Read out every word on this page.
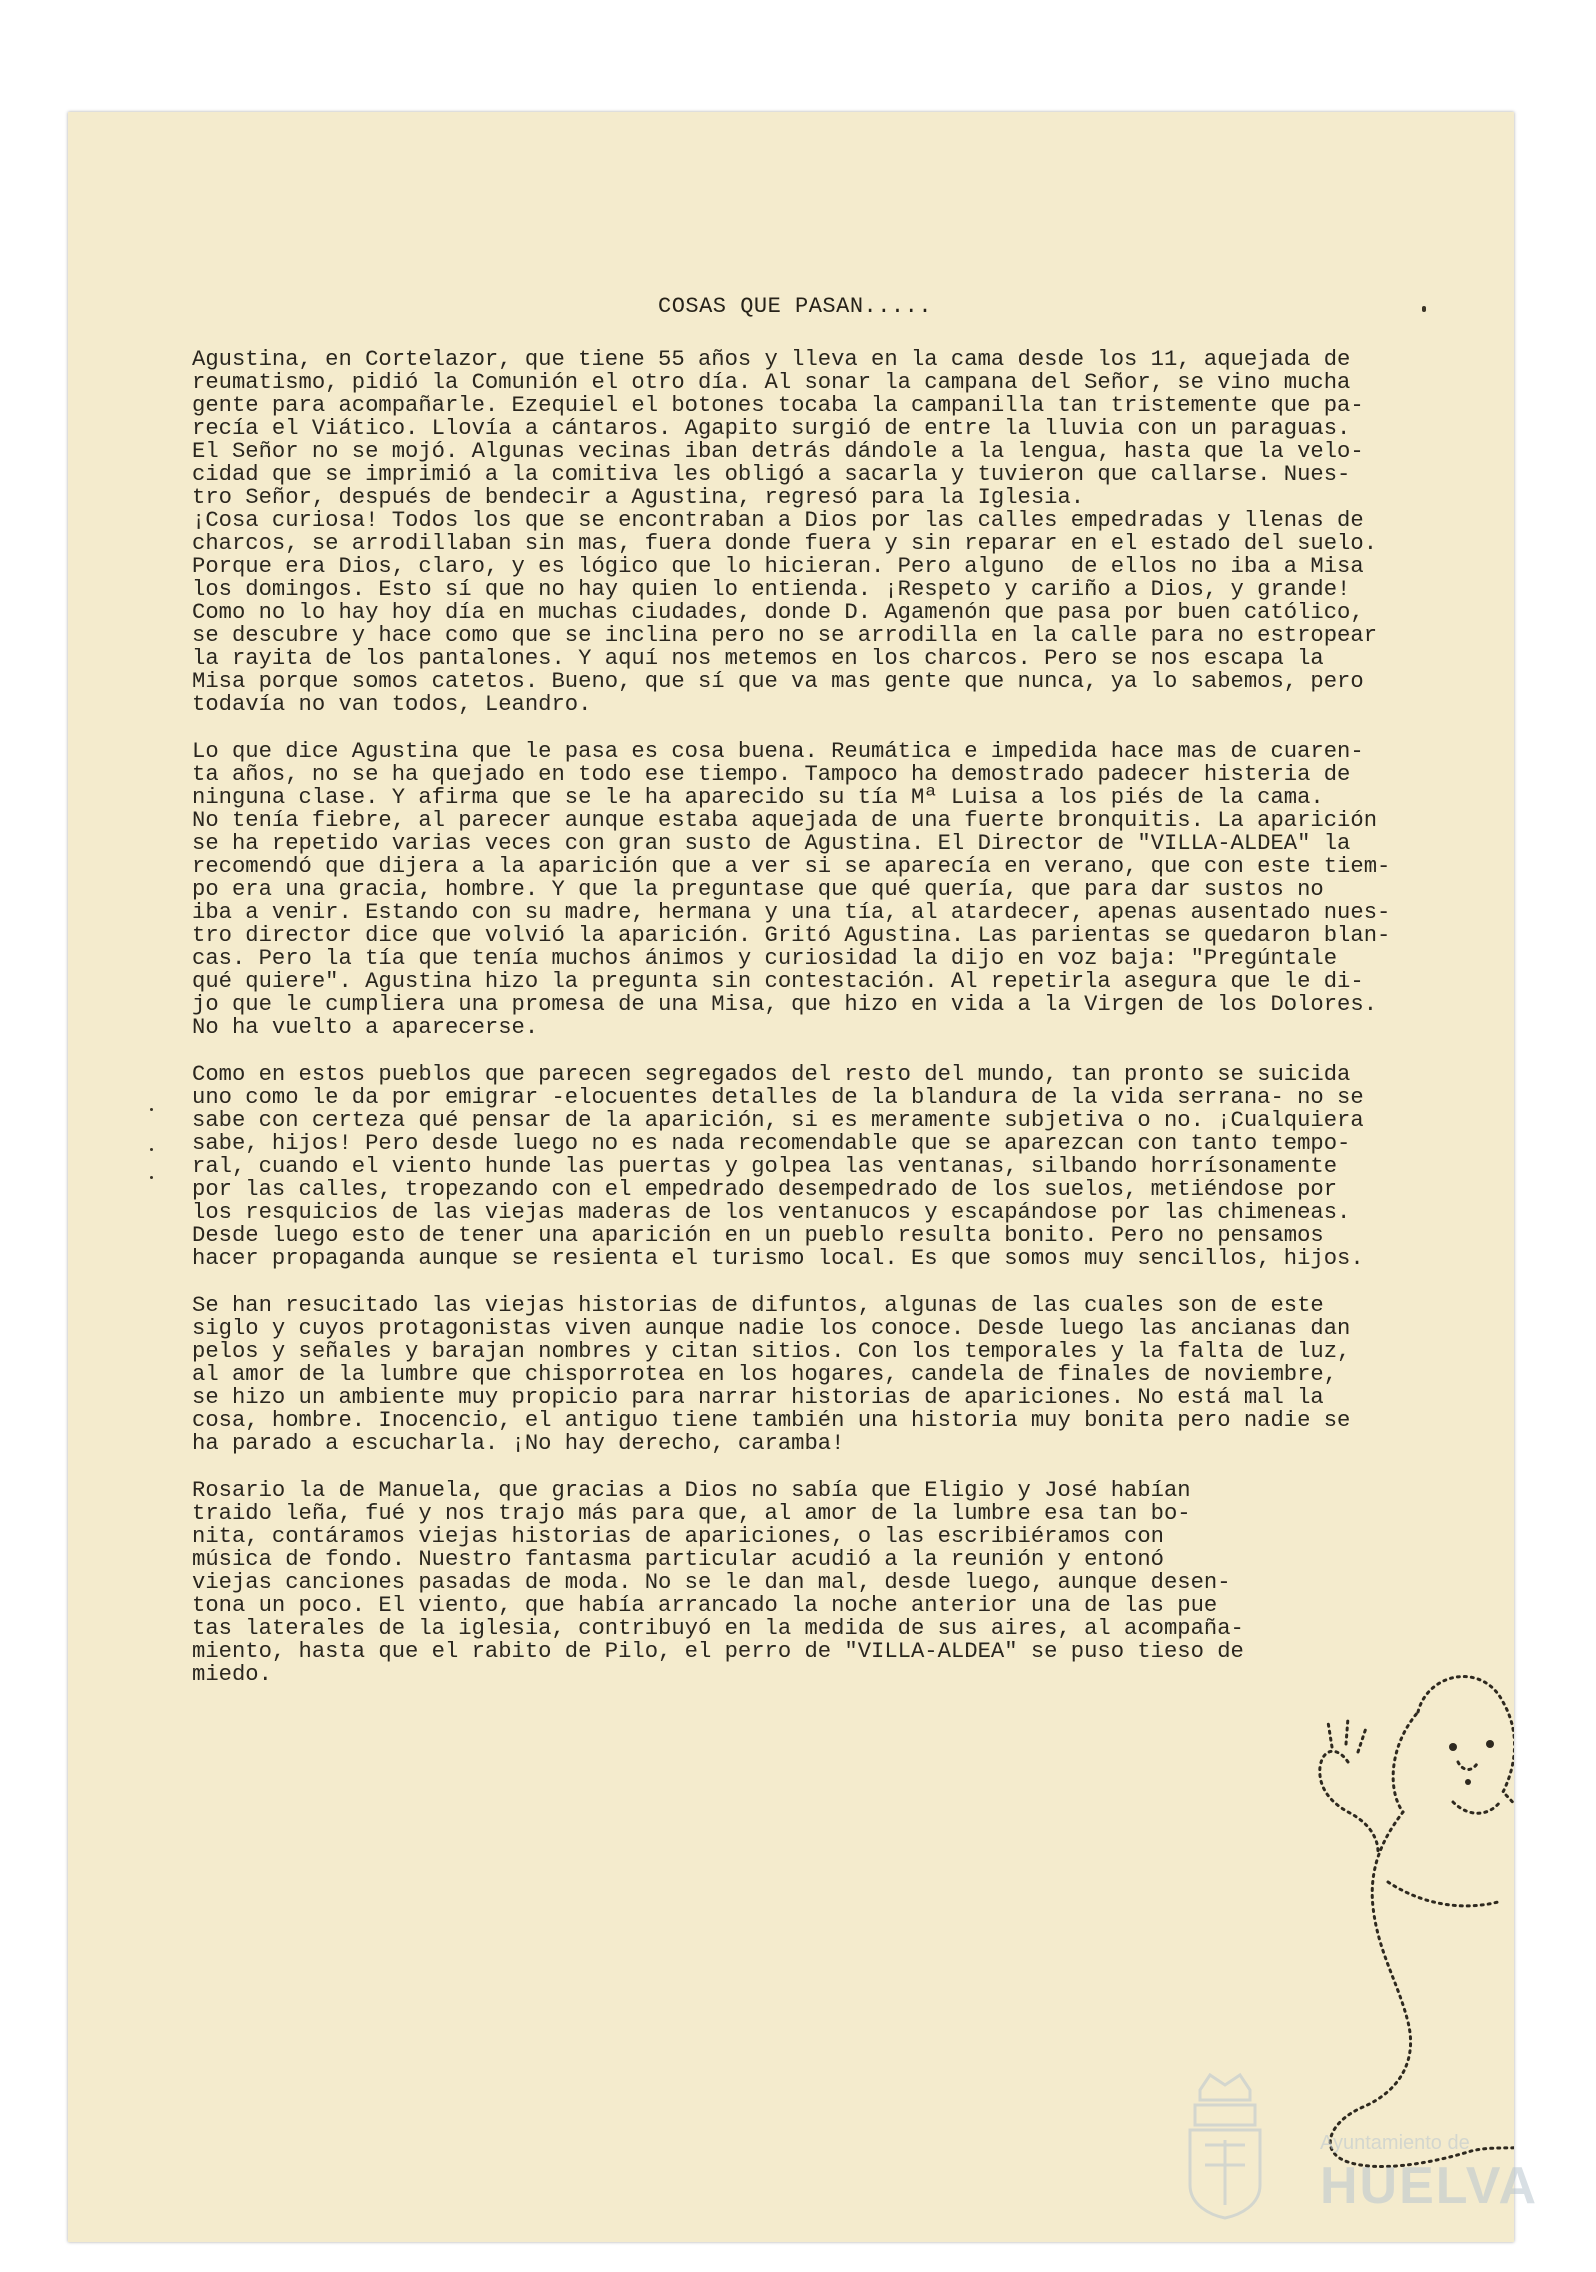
COSAS QUE PASAN.....
Agustina, en Cortelazor, que tiene 55 años y lleva en la cama desde los 11, aquejada de
reumatismo, pidió la Comunión el otro día. Al sonar la campana del Señor, se vino mucha
gente para acompañarle. Ezequiel el botones tocaba la campanilla tan tristemente que pa-
recía el Viático. Llovía a cántaros. Agapito surgió de entre la lluvia con un paraguas.
El Señor no se mojó. Algunas vecinas iban detrás dándole a la lengua, hasta que la velo-
cidad que se imprimió a la comitiva les obligó a sacarla y tuvieron que callarse. Nues-
tro Señor, después de bendecir a Agustina, regresó para la Iglesia.
¡Cosa curiosa! Todos los que se encontraban a Dios por las calles empedradas y llenas de
charcos, se arrodillaban sin mas, fuera donde fuera y sin reparar en el estado del suelo.
Porque era Dios, claro, y es lógico que lo hicieran. Pero alguno  de ellos no iba a Misa
los domingos. Esto sí que no hay quien lo entienda. ¡Respeto y cariño a Dios, y grande!
Como no lo hay hoy día en muchas ciudades, donde D. Agamenón que pasa por buen católico,
se descubre y hace como que se inclina pero no se arrodilla en la calle para no estropear
la rayita de los pantalones. Y aquí nos metemos en los charcos. Pero se nos escapa la
Misa porque somos catetos. Bueno, que sí que va mas gente que nunca, ya lo sabemos, pero
todavía no van todos, Leandro.
Lo que dice Agustina que le pasa es cosa buena. Reumática e impedida hace mas de cuaren-
ta años, no se ha quejado en todo ese tiempo. Tampoco ha demostrado padecer histeria de
ninguna clase. Y afirma que se le ha aparecido su tía Mª Luisa a los piés de la cama.
No tenía fiebre, al parecer aunque estaba aquejada de una fuerte bronquitis. La aparición
se ha repetido varias veces con gran susto de Agustina. El Director de "VILLA-ALDEA" la
recomendó que dijera a la aparición que a ver si se aparecía en verano, que con este tiem-
po era una gracia, hombre. Y que la preguntase que qué quería, que para dar sustos no
iba a venir. Estando con su madre, hermana y una tía, al atardecer, apenas ausentado nues-
tro director dice que volvió la aparición. Gritó Agustina. Las parientas se quedaron blan-
cas. Pero la tía que tenía muchos ánimos y curiosidad la dijo en voz baja: "Pregúntale
qué quiere". Agustina hizo la pregunta sin contestación. Al repetirla asegura que le di-
jo que le cumpliera una promesa de una Misa, que hizo en vida a la Virgen de los Dolores.
No ha vuelto a aparecerse.
Como en estos pueblos que parecen segregados del resto del mundo, tan pronto se suicida
uno como le da por emigrar -elocuentes detalles de la blandura de la vida serrana- no se
sabe con certeza qué pensar de la aparición, si es meramente subjetiva o no. ¡Cualquiera
sabe, hijos! Pero desde luego no es nada recomendable que se aparezcan con tanto tempo-
ral, cuando el viento hunde las puertas y golpea las ventanas, silbando horrísonamente
por las calles, tropezando con el empedrado desempedrado de los suelos, metiéndose por
los resquicios de las viejas maderas de los ventanucos y escapándose por las chimeneas.
Desde luego esto de tener una aparición en un pueblo resulta bonito. Pero no pensamos
hacer propaganda aunque se resienta el turismo local. Es que somos muy sencillos, hijos.
Se han resucitado las viejas historias de difuntos, algunas de las cuales son de este
siglo y cuyos protagonistas viven aunque nadie los conoce. Desde luego las ancianas dan
pelos y señales y barajan nombres y citan sitios. Con los temporales y la falta de luz,
al amor de la lumbre que chisporrotea en los hogares, candela de finales de noviembre,
se hizo un ambiente muy propicio para narrar historias de apariciones. No está mal la
cosa, hombre. Inocencio, el antiguo tiene también una historia muy bonita pero nadie se
ha parado a escucharla. ¡No hay derecho, caramba!
Rosario la de Manuela, que gracias a Dios no sabía que Eligio y José habían
traido leña, fué y nos trajo más para que, al amor de la lumbre esa tan bo-
nita, contáramos viejas historias de apariciones, o las escribiéramos con
música de fondo. Nuestro fantasma particular acudió a la reunión y entonó
viejas canciones pasadas de moda. No se le dan mal, desde luego, aunque desen-
tona un poco. El viento, que había arrancado la noche anterior una de las pue
tas laterales de la iglesia, contribuyó en la medida de sus aires, al acompaña-
miento, hasta que el rabito de Pilo, el perro de "VILLA-ALDEA" se puso tieso de
miedo.
Ayuntamiento de
HUELVA
